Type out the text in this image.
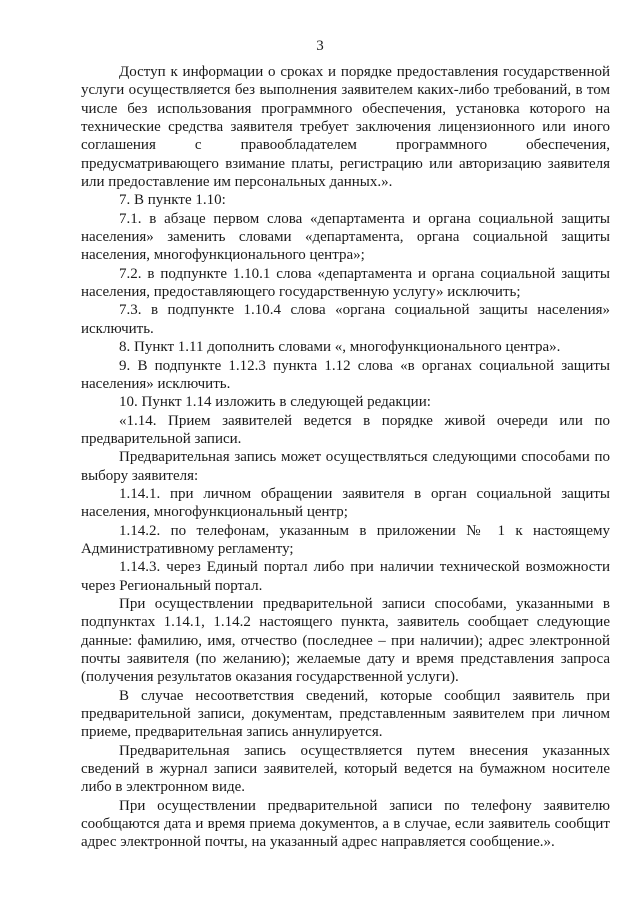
3

Доступ к информации о сроках и порядке предоставления государственной услуги осуществляется без выполнения заявителем каких-либо требований, в том числе без использования программного обеспечения, установка которого на технические средства заявителя требует заключения лицензионного или иного соглашения с правообладателем программного обеспечения, предусматривающего взимание платы, регистрацию или авторизацию заявителя или предоставление им персональных данных.».

7. В пункте 1.10:

7.1. в абзаце первом слова «департамента и органа социальной защиты населения» заменить словами «департамента, органа социальной защиты населения, многофункционального центра»;

7.2. в подпункте 1.10.1 слова «департамента и органа социальной защиты населения, предоставляющего государственную услугу» исключить;

7.3. в подпункте 1.10.4 слова «органа социальной защиты населения» исключить.

8. Пункт 1.11 дополнить словами «, многофункционального центра».

9. В подпункте 1.12.3 пункта 1.12 слова «в органах социальной защиты населения» исключить.

10. Пункт 1.14 изложить в следующей редакции:

«1.14. Прием заявителей ведется в порядке живой очереди или по предварительной записи.

Предварительная запись может осуществляться следующими способами по выбору заявителя:

1.14.1. при личном обращении заявителя в орган социальной защиты населения, многофункциональный центр;

1.14.2. по телефонам, указанным в приложении № 1 к настоящему Административному регламенту;

1.14.3. через Единый портал либо при наличии технической возможности через Региональный портал.

При осуществлении предварительной записи способами, указанными в подпунктах 1.14.1, 1.14.2 настоящего пункта, заявитель сообщает следующие данные: фамилию, имя, отчество (последнее – при наличии); адрес электронной почты заявителя (по желанию); желаемые дату и время представления запроса (получения результатов оказания государственной услуги).

В случае несоответствия сведений, которые сообщил заявитель при предварительной записи, документам, представленным заявителем при личном приеме, предварительная запись аннулируется.

Предварительная запись осуществляется путем внесения указанных сведений в журнал записи заявителей, который ведется на бумажном носителе либо в электронном виде.

При осуществлении предварительной записи по телефону заявителю сообщаются дата и время приема документов, а в случае, если заявитель сообщит адрес электронной почты, на указанный адрес направляется сообщение.».
